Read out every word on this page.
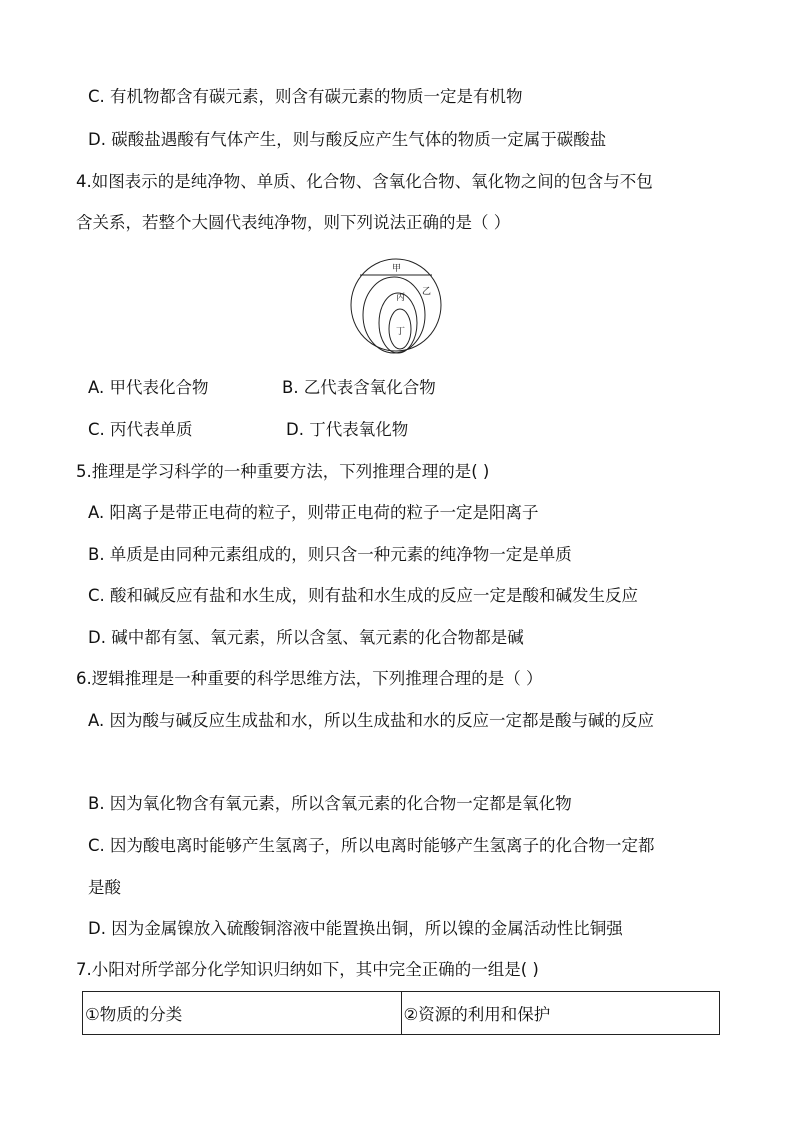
C. 有机物都含有碳元素，则含有碳元素的物质一定是有机物
D. 碳酸盐遇酸有气体产生，则与酸反应产生气体的物质一定属于碳酸盐
4.如图表示的是纯净物、单质、化合物、含氧化合物、氧化物之间的包含与不包
含关系，若整个大圆代表纯净物，则下列说法正确的是（ ）
甲
乙
丙
丁
A. 甲代表化合物	B. 乙代表含氧化合物
C. 丙代表单质	D. 丁代表氧化物
5.推理是学习科学的一种重要方法，下列推理合理的是( )
A. 阳离子是带正电荷的粒子，则带正电荷的粒子一定是阳离子
B. 单质是由同种元素组成的，则只含一种元素的纯净物一定是单质
C. 酸和碱反应有盐和水生成，则有盐和水生成的反应一定是酸和碱发生反应
D. 碱中都有氢、氧元素，所以含氢、氧元素的化合物都是碱
6.逻辑推理是一种重要的科学思维方法，下列推理合理的是（ ）
A. 因为酸与碱反应生成盐和水，所以生成盐和水的反应一定都是酸与碱的反应
B. 因为氧化物含有氧元素，所以含氧元素的化合物一定都是氧化物
C. 因为酸电离时能够产生氢离子，所以电离时能够产生氢离子的化合物一定都
是酸
D. 因为金属镍放入硫酸铜溶液中能置换出铜，所以镍的金属活动性比铜强
7.小阳对所学部分化学知识归纳如下，其中完全正确的一组是( )
①物质的分类	②资源的利用和保护
